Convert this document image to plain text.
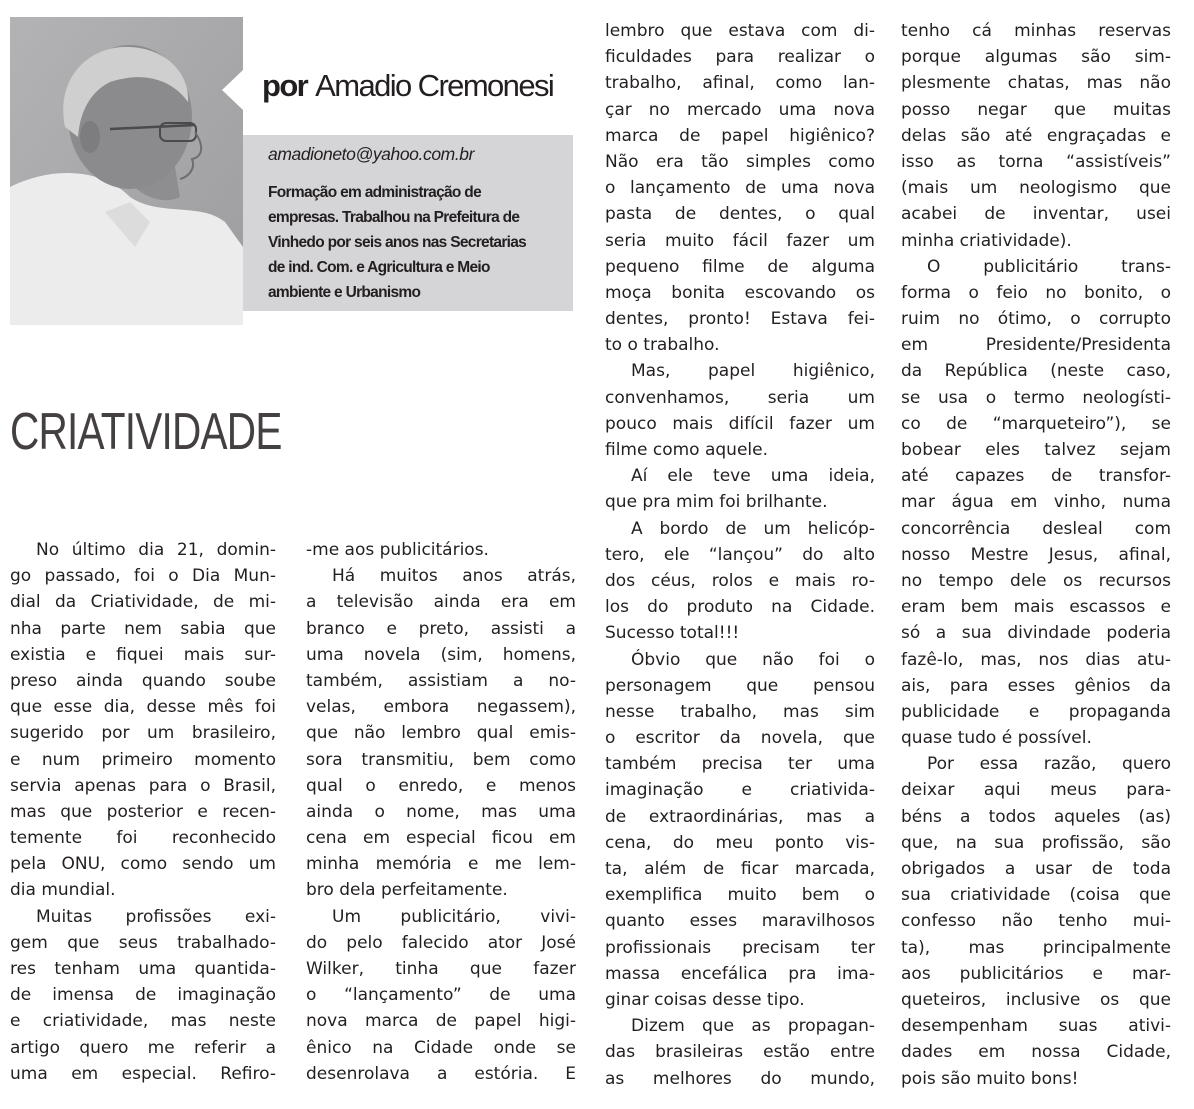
por Amadio Cremonesi
amadioneto@yahoo.com.br
Formação em administração de
empresas. Trabalhou na Prefeitura de
Vinhedo por seis anos nas Secretarias
de ind. Com. e Agricultura e Meio
ambiente e Urbanismo
CRIATIVIDADE
No último dia 21, domin-
go passado, foi o Dia Mun-
dial da Criatividade, de mi-
nha parte nem sabia que
existia e fiquei mais sur-
preso ainda quando soube
que esse dia, desse mês foi
sugerido por um brasileiro,
e num primeiro momento
servia apenas para o Brasil,
mas que posterior e recen-
temente foi reconhecido
pela ONU, como sendo um
dia mundial.
Muitas profissões exi-
gem que seus trabalhado-
res tenham uma quantida-
de imensa de imaginação
e criatividade, mas neste
artigo quero me referir a
uma em especial. Refiro-
-me aos publicitários.
Há muitos anos atrás,
a televisão ainda era em
branco e preto, assisti a
uma novela (sim, homens,
também, assistiam a no-
velas, embora negassem),
que não lembro qual emis-
sora transmitiu, bem como
qual o enredo, e menos
ainda o nome, mas uma
cena em especial ficou em
minha memória e me lem-
bro dela perfeitamente.
Um publicitário, vivi-
do pelo falecido ator José
Wilker, tinha que fazer
o “lançamento” de uma
nova marca de papel higi-
ênico na Cidade onde se
desenrolava a estória. E
lembro que estava com di-
ficuldades para realizar o
trabalho, afinal, como lan-
çar no mercado uma nova
marca de papel higiênico?
Não era tão simples como
o lançamento de uma nova
pasta de dentes, o qual
seria muito fácil fazer um
pequeno filme de alguma
moça bonita escovando os
dentes, pronto! Estava fei-
to o trabalho.
Mas, papel higiênico,
convenhamos, seria um
pouco mais difícil fazer um
filme como aquele.
Aí ele teve uma ideia,
que pra mim foi brilhante.
A bordo de um helicóp-
tero, ele “lançou” do alto
dos céus, rolos e mais ro-
los do produto na Cidade.
Sucesso total!!!
Óbvio que não foi o
personagem que pensou
nesse trabalho, mas sim
o escritor da novela, que
também precisa ter uma
imaginação e criativida-
de extraordinárias, mas a
cena, do meu ponto vis-
ta, além de ficar marcada,
exemplifica muito bem o
quanto esses maravilhosos
profissionais precisam ter
massa encefálica pra ima-
ginar coisas desse tipo.
Dizem que as propagan-
das brasileiras estão entre
as melhores do mundo,
tenho cá minhas reservas
porque algumas são sim-
plesmente chatas, mas não
posso negar que muitas
delas são até engraçadas e
isso as torna “assistíveis”
(mais um neologismo que
acabei de inventar, usei
minha criatividade).
O publicitário trans-
forma o feio no bonito, o
ruim no ótimo, o corrupto
em Presidente/Presidenta
da República (neste caso,
se usa o termo neologísti-
co de “marqueteiro”), se
bobear eles talvez sejam
até capazes de transfor-
mar água em vinho, numa
concorrência desleal com
nosso Mestre Jesus, afinal,
no tempo dele os recursos
eram bem mais escassos e
só a sua divindade poderia
fazê-lo, mas, nos dias atu-
ais, para esses gênios da
publicidade e propaganda
quase tudo é possível.
Por essa razão, quero
deixar aqui meus para-
béns a todos aqueles (as)
que, na sua profissão, são
obrigados a usar de toda
sua criatividade (coisa que
confesso não tenho mui-
ta), mas principalmente
aos publicitários e mar-
queteiros, inclusive os que
desempenham suas ativi-
dades em nossa Cidade,
pois são muito bons!
